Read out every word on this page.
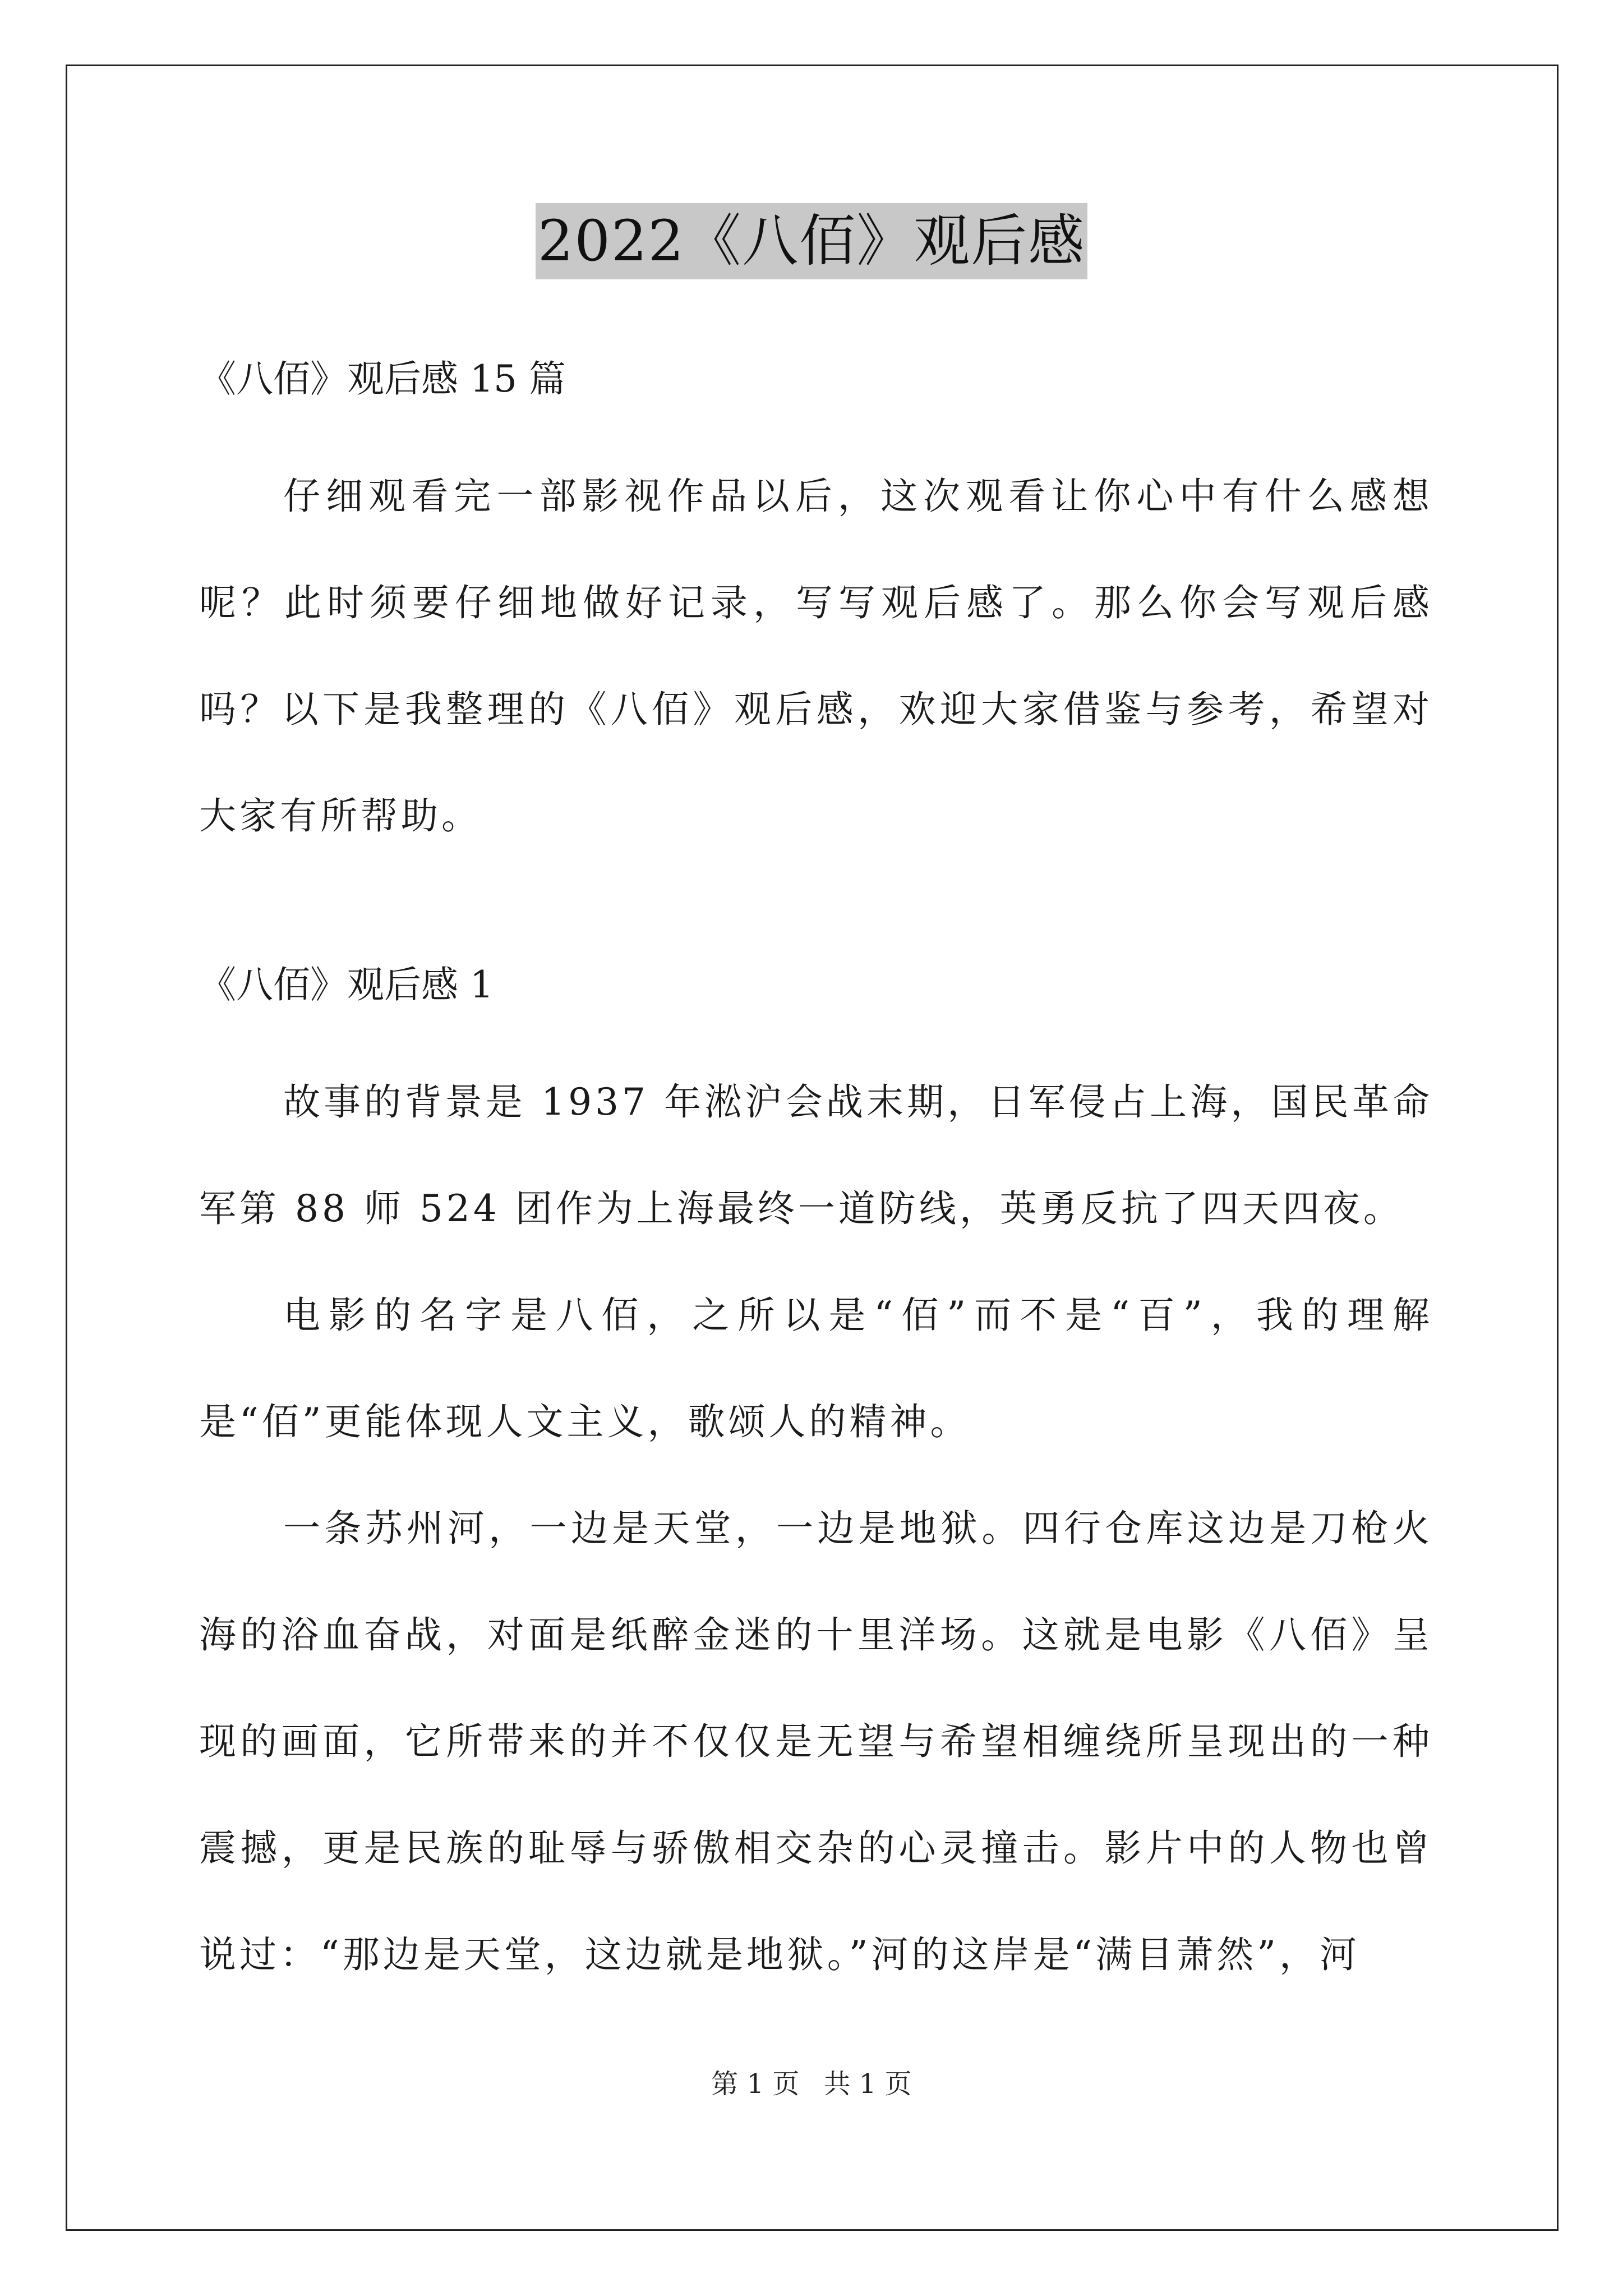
2022《八佰》观后感

《八佰》观后感 15 篇

仔细观看完一部影视作品以后，这次观看让你心中有什么感想呢？此时须要仔细地做好记录，写写观后感了。那么你会写观后感吗？以下是我整理的《八佰》观后感，欢迎大家借鉴与参考，希望对大家有所帮助。

《八佰》观后感 1

故事的背景是 1937 年淞沪会战末期，日军侵占上海，国民革命军第 88 师 524 团作为上海最终一道防线，英勇反抗了四天四夜。

电影的名字是八佰，之所以是“佰”而不是“百”，我的理解是“佰”更能体现人文主义，歌颂人的精神。

一条苏州河，一边是天堂，一边是地狱。四行仓库这边是刀枪火海的浴血奋战，对面是纸醉金迷的十里洋场。这就是电影《八佰》呈现的画面，它所带来的并不仅仅是无望与希望相缠绕所呈现出的一种震撼，更是民族的耻辱与骄傲相交杂的心灵撞击。影片中的人物也曾说过：“那边是天堂，这边就是地狱。”河的这岸是“满目萧然”，河

第 1 页 共 1 页
